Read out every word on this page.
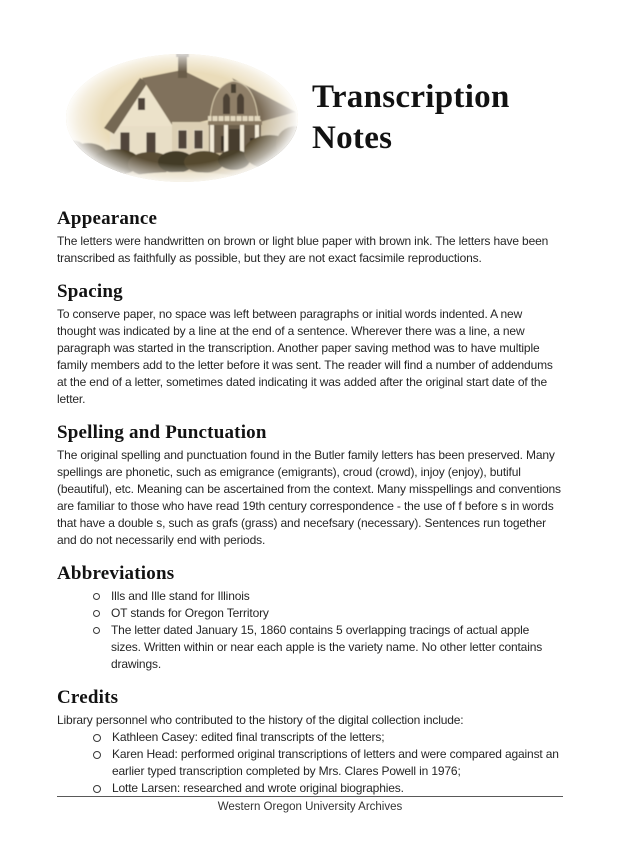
Transcription Notes
Appearance

The letters were handwritten on brown or light blue paper with brown ink. The letters have been transcribed as faithfully as possible, but they are not exact facsimile reproductions.

Spacing

To conserve paper, no space was left between paragraphs or initial words indented. A new thought was indicated by a line at the end of a sentence. Wherever there was a line, a new paragraph was started in the transcription. Another paper saving method was to have multiple family members add to the letter before it was sent. The reader will find a number of addendums at the end of a letter, sometimes dated indicating it was added after the original start date of the letter.

Spelling and Punctuation

The original spelling and punctuation found in the Butler family letters has been preserved. Many spellings are phonetic, such as emigrance (emigrants), croud (crowd), injoy (enjoy), butiful (beautiful), etc. Meaning can be ascertained from the context. Many misspellings and conventions are familiar to those who have read 19th century correspondence - the use of f before s in words that have a double s, such as grafs (grass) and necefsary (necessary). Sentences run together and do not necessarily end with periods.

Abbreviations
Ills and Ille stand for Illinois
OT stands for Oregon Territory
The letter dated January 15, 1860 contains 5 overlapping tracings of actual apple sizes. Written within or near each apple is the variety name. No other letter contains drawings.
Credits

Library personnel who contributed to the history of the digital collection include:

Kathleen Casey: edited final transcripts of the letters;
Karen Head: performed original transcriptions of letters and were compared against an earlier typed transcription completed by Mrs. Clares Powell in 1976;
Lotte Larsen: researched and wrote original biographies.
Western Oregon University Archives
